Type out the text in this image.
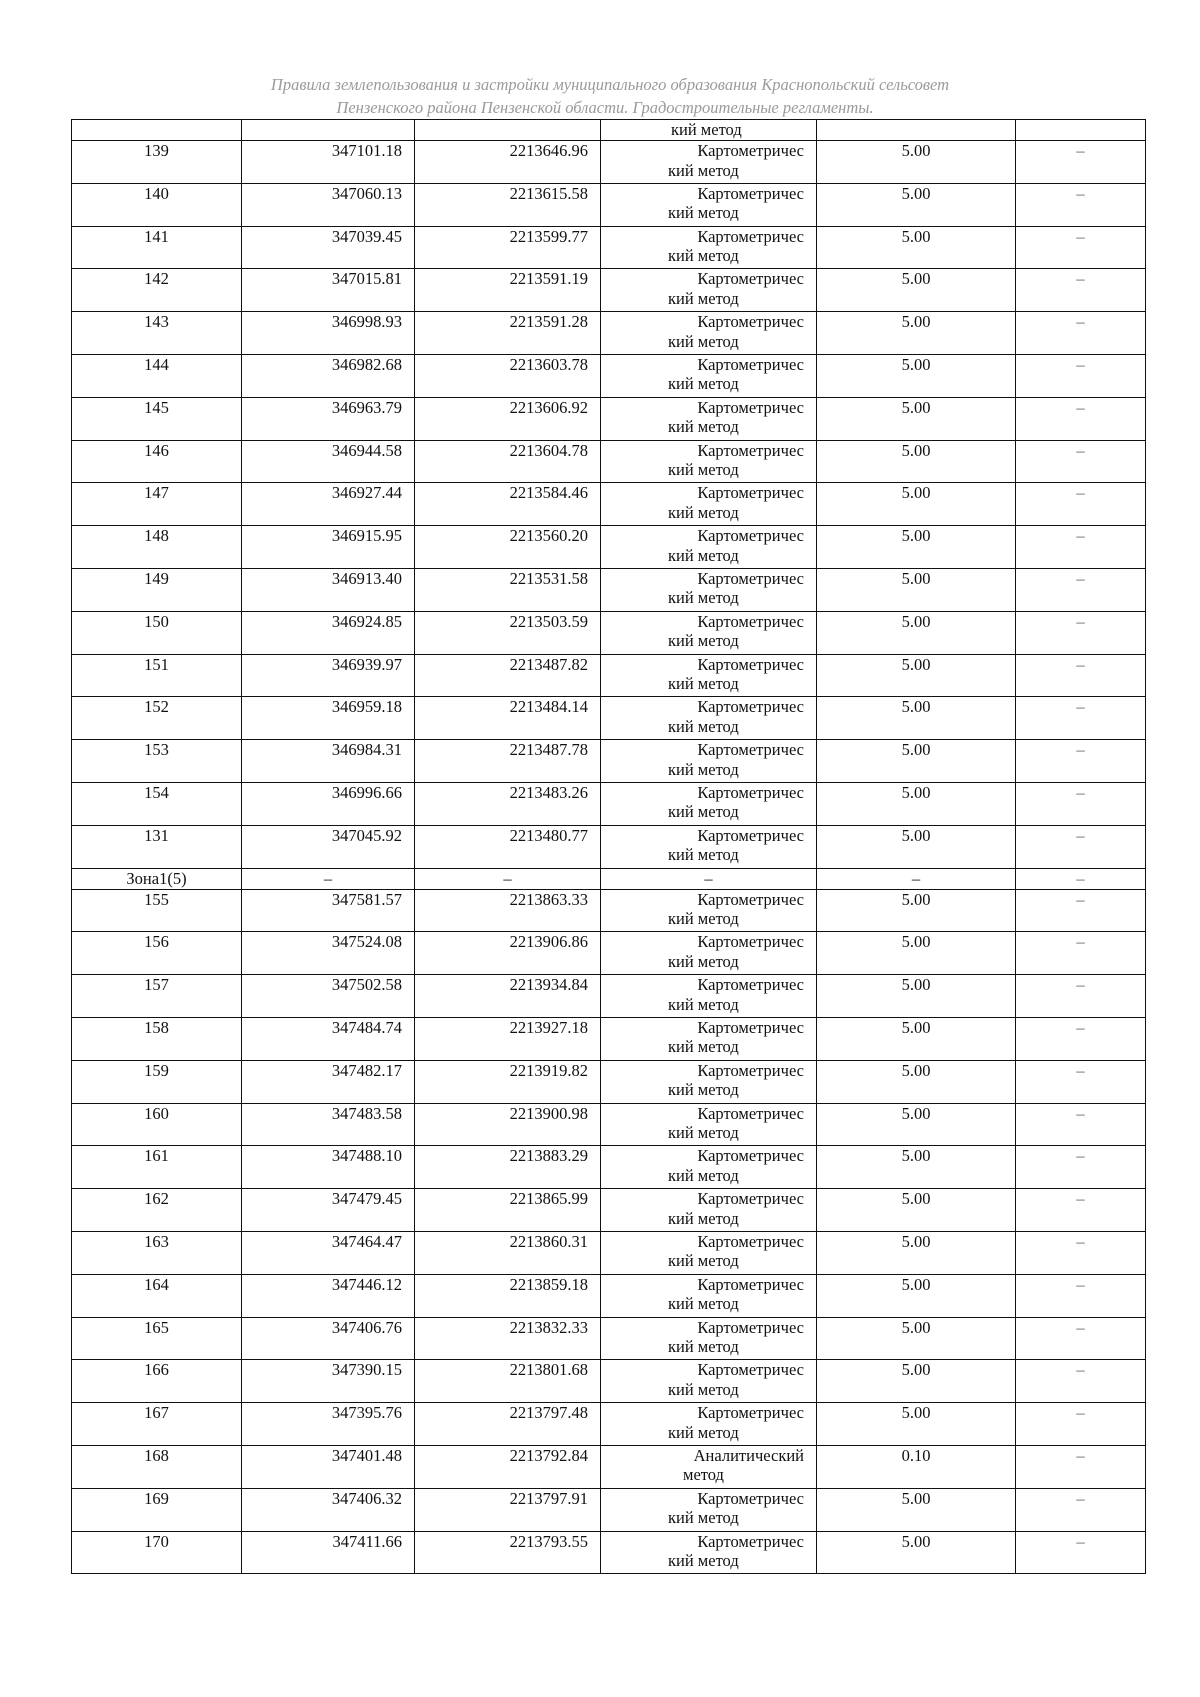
Правила землепользования и застройки муниципального образования Краснопольский сельсовет
Пензенского района Пензенской области. Градостроительные регламенты.

			кий метод		

139	347101.18	2213646.96	Картометричес
кий метод	5.00	–
140	347060.13	2213615.58	Картометричес
кий метод	5.00	–
141	347039.45	2213599.77	Картометричес
кий метод	5.00	–
142	347015.81	2213591.19	Картометричес
кий метод	5.00	–
143	346998.93	2213591.28	Картометричес
кий метод	5.00	–
144	346982.68	2213603.78	Картометричес
кий метод	5.00	–
145	346963.79	2213606.92	Картометричес
кий метод	5.00	–
146	346944.58	2213604.78	Картометричес
кий метод	5.00	–
147	346927.44	2213584.46	Картометричес
кий метод	5.00	–
148	346915.95	2213560.20	Картометричес
кий метод	5.00	–
149	346913.40	2213531.58	Картометричес
кий метод	5.00	–
150	346924.85	2213503.59	Картометричес
кий метод	5.00	–
151	346939.97	2213487.82	Картометричес
кий метод	5.00	–
152	346959.18	2213484.14	Картометричес
кий метод	5.00	–
153	346984.31	2213487.78	Картометричес
кий метод	5.00	–
154	346996.66	2213483.26	Картометричес
кий метод	5.00	–
131	347045.92	2213480.77	Картометричес
кий метод	5.00	–
Зона1(5)	–	–	–	–	–
155	347581.57	2213863.33	Картометричес
кий метод	5.00	–
156	347524.08	2213906.86	Картометричес
кий метод	5.00	–
157	347502.58	2213934.84	Картометричес
кий метод	5.00	–
158	347484.74	2213927.18	Картометричес
кий метод	5.00	–
159	347482.17	2213919.82	Картометричес
кий метод	5.00	–
160	347483.58	2213900.98	Картометричес
кий метод	5.00	–
161	347488.10	2213883.29	Картометричес
кий метод	5.00	–
162	347479.45	2213865.99	Картометричес
кий метод	5.00	–
163	347464.47	2213860.31	Картометричес
кий метод	5.00	–
164	347446.12	2213859.18	Картометричес
кий метод	5.00	–
165	347406.76	2213832.33	Картометричес
кий метод	5.00	–
166	347390.15	2213801.68	Картометричес
кий метод	5.00	–
167	347395.76	2213797.48	Картометричес
кий метод	5.00	–
168	347401.48	2213792.84	Аналитический
метод	0.10	–
169	347406.32	2213797.91	Картометричес
кий метод	5.00	–
170	347411.66	2213793.55	Картометричес
кий метод	5.00	–
